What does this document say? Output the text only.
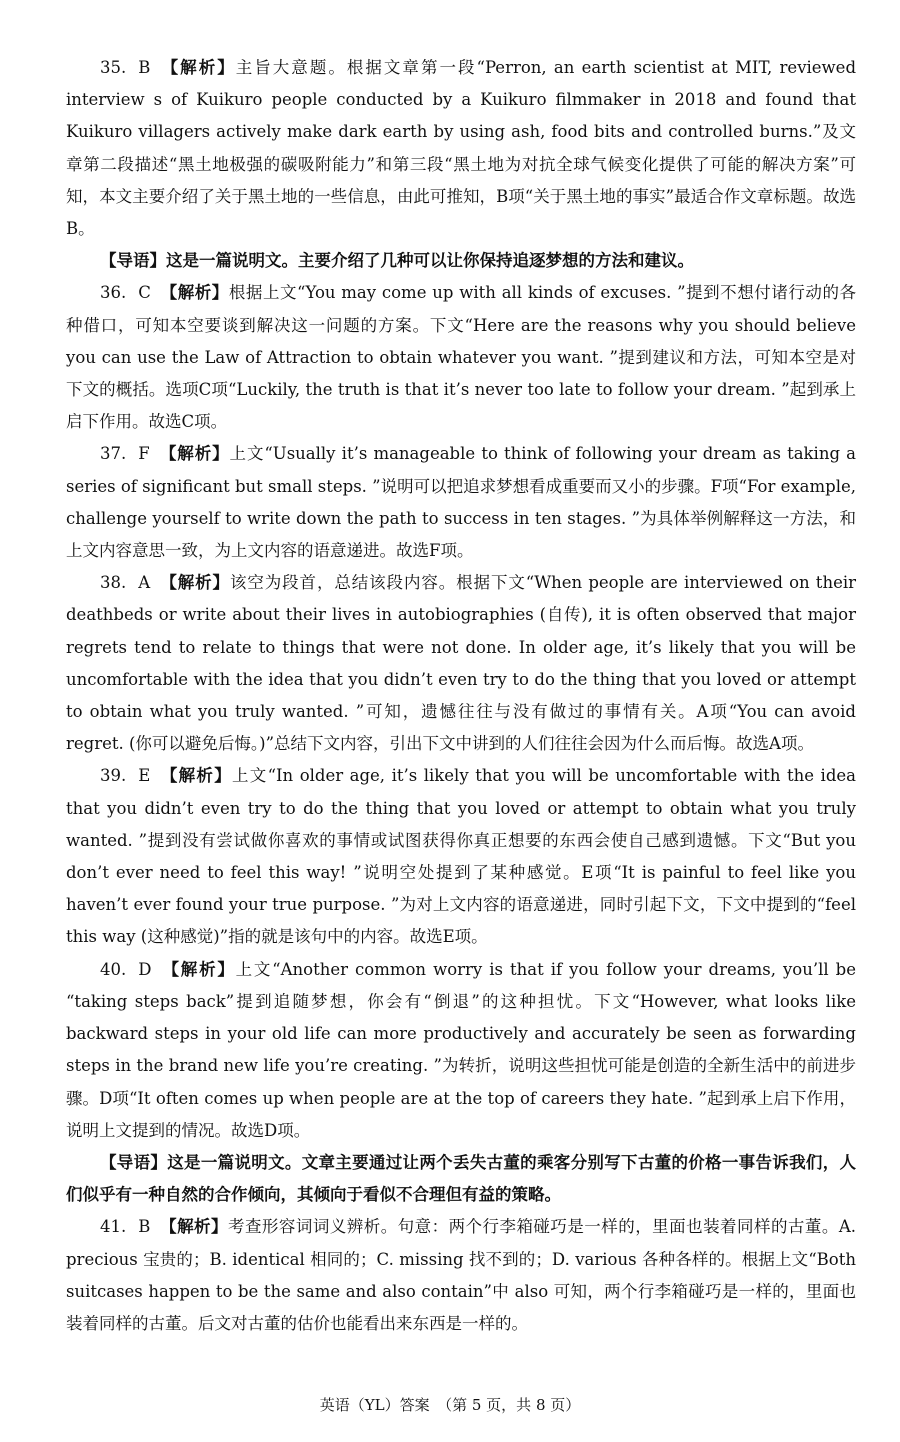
35. B 【解析】主旨大意题。根据文章第一段“Perron, an earth scientist at MIT, reviewed interview s of Kuikuro people conducted by a Kuikuro filmmaker in 2018 and found that Kuikuro villagers actively make dark earth by using ash, food bits and controlled burns.”及文章第二段描述“黑土地极强的碳吸附能力”和第三段“黑土地为对抗全球气候变化提供了可能的解决方案”可知，本文主要介绍了关于黑土地的一些信息，由此可推知，B项“关于黑土地的事实”最适合作文章标题。故选B。

【导语】这是一篇说明文。主要介绍了几种可以让你保持追逐梦想的方法和建议。

36. C 【解析】根据上文“You may come up with all kinds of excuses. ”提到不想付诸行动的各种借口，可知本空要谈到解决这一问题的方案。下文“Here are the reasons why you should believe you can use the Law of Attraction to obtain whatever you want. ”提到建议和方法，可知本空是对下文的概括。选项C项“Luckily, the truth is that it’s never too late to follow your dream. ”起到承上启下作用。故选C项。

37. F 【解析】上文“Usually it’s manageable to think of following your dream as taking a series of significant but small steps. ”说明可以把追求梦想看成重要而又小的步骤。F项“For example, challenge yourself to write down the path to success in ten stages. ”为具体举例解释这一方法，和上文内容意思一致，为上文内容的语意递进。故选F项。

38. A 【解析】该空为段首，总结该段内容。根据下文“When people are interviewed on their deathbeds or write about their lives in autobiographies (自传), it is often observed that major regrets tend to relate to things that were not done. In older age, it’s likely that you will be uncomfortable with the idea that you didn’t even try to do the thing that you loved or attempt to obtain what you truly wanted. ”可知，遗憾往往与没有做过的事情有关。A项“You can avoid regret. (你可以避免后悔。)”总结下文内容，引出下文中讲到的人们往往会因为什么而后悔。故选A项。

39. E 【解析】上文“In older age, it’s likely that you will be uncomfortable with the idea that you didn’t even try to do the thing that you loved or attempt to obtain what you truly wanted. ”提到没有尝试做你喜欢的事情或试图获得你真正想要的东西会使自己感到遗憾。下文“But you don’t ever need to feel this way! ”说明空处提到了某种感觉。E项“It is painful to feel like you haven’t ever found your true purpose. ”为对上文内容的语意递进，同时引起下文，下文中提到的“feel this way (这种感觉)”指的就是该句中的内容。故选E项。

40. D 【解析】上文“Another common worry is that if you follow your dreams, you’ll be “taking steps back”提到追随梦想，你会有“倒退”的这种担忧。下文“However, what looks like backward steps in your old life can more productively and accurately be seen as forwarding steps in the brand new life you’re creating. ”为转折，说明这些担忧可能是创造的全新生活中的前进步骤。D项“It often comes up when people are at the top of careers they hate. ”起到承上启下作用，说明上文提到的情况。故选D项。

【导语】这是一篇说明文。文章主要通过让两个丢失古董的乘客分别写下古董的价格一事告诉我们，人们似乎有一种自然的合作倾向，其倾向于看似不合理但有益的策略。

41. B 【解析】考查形容词词义辨析。句意：两个行李箱碰巧是一样的，里面也装着同样的古董。A. precious 宝贵的；B. identical 相同的；C. missing 找不到的；D. various 各种各样的。根据上文“Both suitcases happen to be the same and also contain”中 also 可知，两个行李箱碰巧是一样的，里面也装着同样的古董。后文对古董的估价也能看出来东西是一样的。

英语（YL）答案　（第 5 页，共 8 页）
